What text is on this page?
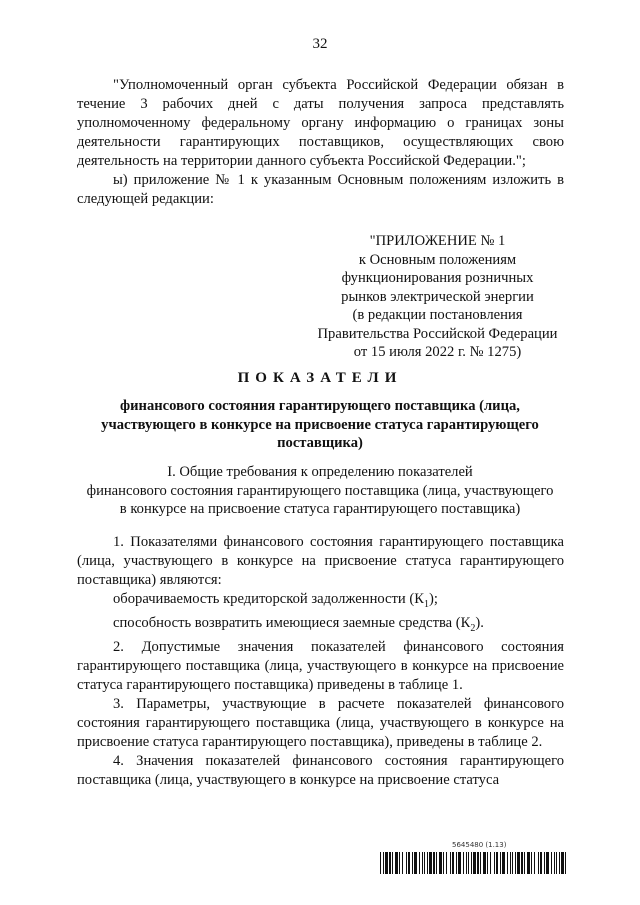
32

"Уполномоченный орган субъекта Российской Федерации обязан в течение 3 рабочих дней с даты получения запроса представлять уполномоченному федеральному органу информацию о границах зоны деятельности гарантирующих поставщиков, осуществляющих свою деятельность на территории данного субъекта Российской Федерации.";

ы) приложение № 1 к указанным Основным положениям изложить в следующей редакции:

"ПРИЛОЖЕНИЕ № 1
к Основным положениям
функционирования розничных
рынков электрической энергии
(в редакции постановления
Правительства Российской Федерации
от 15 июля 2022 г. № 1275)
ПОКАЗАТЕЛИ
финансового состояния гарантирующего поставщика (лица, участвующего в конкурсе на присвоение статуса гарантирующего поставщика)
I. Общие требования к определению показателей
финансового состояния гарантирующего поставщика (лица, участвующего
в конкурсе на присвоение статуса гарантирующего поставщика)

1. Показателями финансового состояния гарантирующего поставщика (лица, участвующего в конкурсе на присвоение статуса гарантирующего поставщика) являются:

оборачиваемость кредиторской задолженности $(К_1)$;

способность возвратить имеющиеся заемные средства $(К_2)$.

2. Допустимые значения показателей финансового состояния гарантирующего поставщика (лица, участвующего в конкурсе на присвоение статуса гарантирующего поставщика) приведены в таблице 1.

3. Параметры, участвующие в расчете показателей финансового состояния гарантирующего поставщика (лица, участвующего в конкурсе на присвоение статуса гарантирующего поставщика), приведены в таблице 2.

4. Значения показателей финансового состояния гарантирующего поставщика (лица, участвующего в конкурсе на присвоение статуса

5645480 (1.13)
